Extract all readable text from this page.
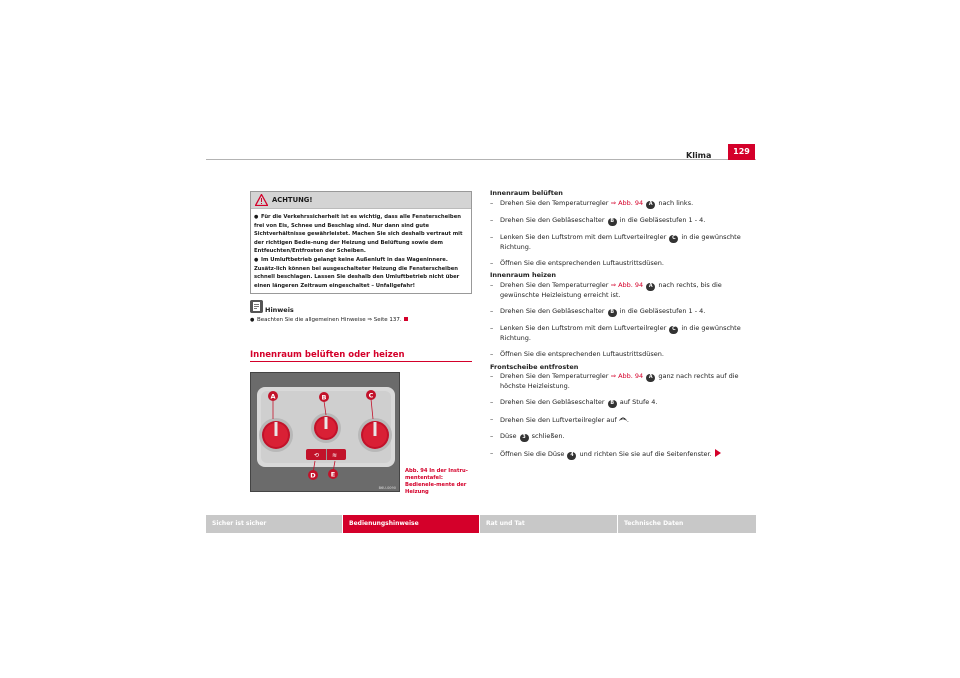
Klima	129
ACHTUNG!

● Für die Verkehrssicherheit ist es wichtig, dass alle Fensterscheiben frei von Eis, Schnee und Beschlag sind. Nur dann sind gute Sichtverhältnisse gewährleistet. Machen Sie sich deshalb vertraut mit der richtigen Bedie-nung der Heizung und Belüftung sowie dem Entfeuchten/Entfrosten der Scheiben.

● Im Umluftbetrieb gelangt keine Außenluft in das Wageninnere. Zusätz-lich können bei ausgeschalteter Heizung die Fensterscheiben schnell beschlagen. Lassen Sie deshalb den Umluftbetrieb nicht über einen längeren Zeitraum eingeschaltet – Unfallgefahr!

Hinweis
● Beachten Sie die allgemeinen Hinweise ⇒ Seite 137.
Innenraum belüften oder heizen
⟲ ≋
A	B	C
D E
B6U-0090
Abb. 94 In der Instru-mententafel: Bedienele-mente der Heizung
Innenraum belüften
– Drehen Sie den Temperaturregler ⇒ Abb. 94 A nach links.
– Drehen Sie den Gebläseschalter B in die Gebläsestufen 1 - 4.
– Lenken Sie den Luftstrom mit dem Luftverteilregler C in die gewünschte Richtung.
– Öffnen Sie die entsprechenden Luftaustrittsdüsen.
Innenraum heizen
– Drehen Sie den Temperaturregler ⇒ Abb. 94 A nach rechts, bis die gewünschte Heizleistung erreicht ist.
– Drehen Sie den Gebläseschalter B in die Gebläsestufen 1 - 4.
– Lenken Sie den Luftstrom mit dem Luftverteilregler C in die gewünschte Richtung.
– Öffnen Sie die entsprechenden Luftaustrittsdüsen.
Frontscheibe entfrosten
– Drehen Sie den Temperaturregler ⇒ Abb. 94 A ganz nach rechts auf die höchste Heizleistung.
– Drehen Sie den Gebläseschalter B auf Stufe 4.
– Drehen Sie den Luftverteilregler auf .
– Düse 3 schließen.
– Öffnen Sie die Düse 4 und richten Sie sie auf die Seitenfenster.
Sicher ist sicher	Bedienungshinweise	Rat und Tat	Technische Daten
